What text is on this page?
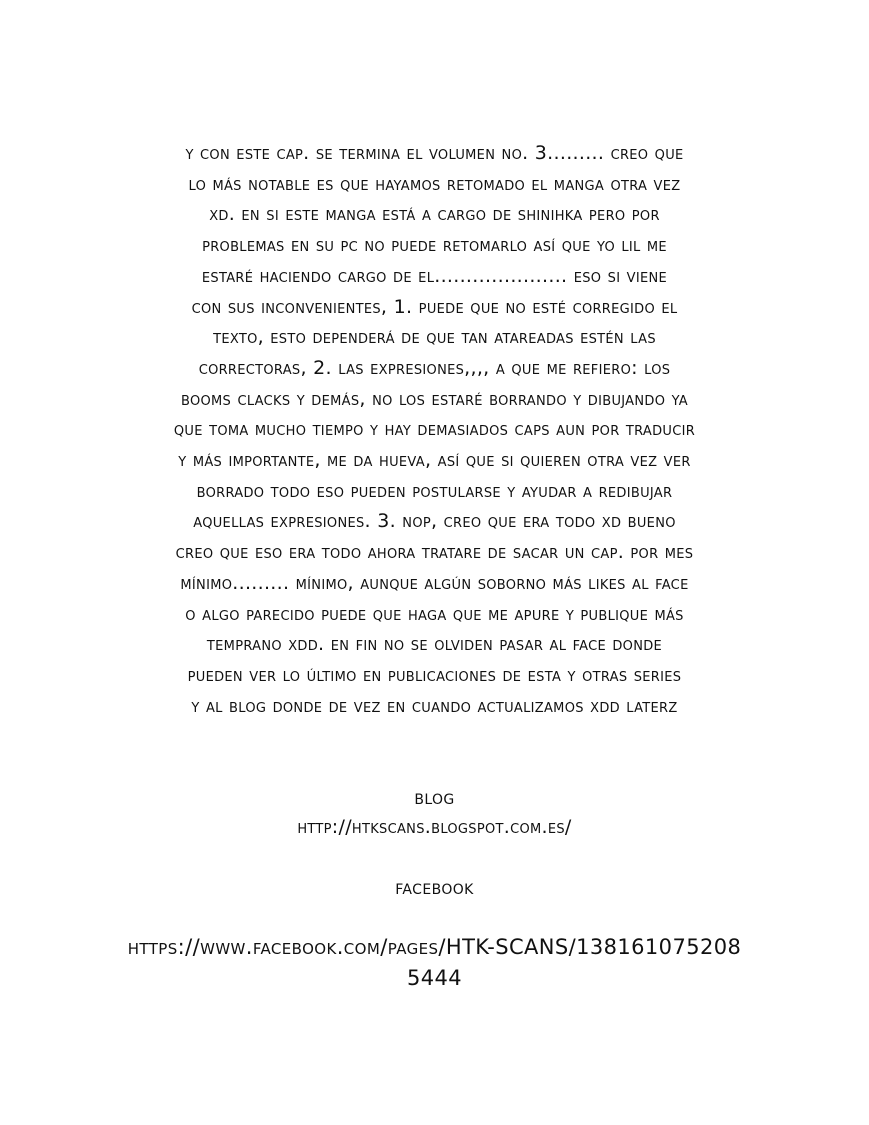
y con este cap. se termina el volumen no. 3......... creo que
lo más notable es que hayamos retomado el manga otra vez
xd. en si este manga está a cargo de shinihka pero por
problemas en su pc no puede retomarlo así que yo lil me
estaré haciendo cargo de el..................... eso si viene
con sus inconvenientes, 1. puede que no esté corregido el
texto, esto dependerá de que tan atareadas estén las
correctoras, 2. las expresiones,,,, a que me refiero: los
booms clacks y demás, no los estaré borrando y dibujando ya
que toma mucho tiempo y hay demasiados caps aun por traducir
y más importante, me da hueva, así que si quieren otra vez ver
borrado todo eso pueden postularse y ayudar a redibujar
aquellas expresiones. 3. nop, creo que era todo xd bueno
creo que eso era todo ahora tratare de sacar un cap. por mes
mínimo......... mínimo, aunque algún soborno más likes al face
o algo parecido puede que haga que me apure y publique más
temprano xdd. en fin no se olviden pasar al face donde
pueden ver lo último en publicaciones de esta y otras series
y al blog donde de vez en cuando actualizamos xdd laterz
blog
http://htkscans.blogspot.com.es/
facebook
https://www.facebook.com/pages/HTK-SCANS/138161075208
5444
